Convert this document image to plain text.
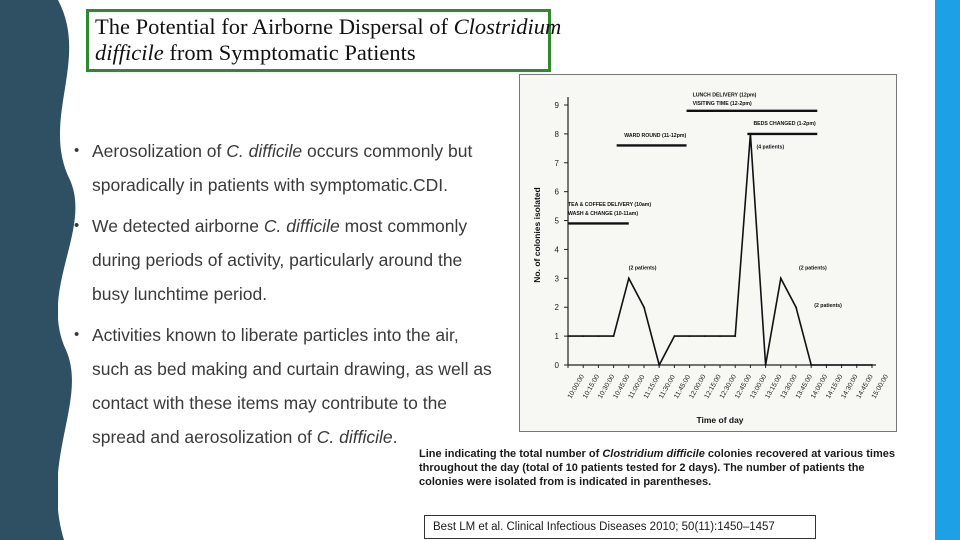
The Potential for Airborne Dispersal of Clostridium
difficile from Symptomatic Patients
• Aerosolization of C. difficile occurs commonly but sporadically in patients with symptomatic.CDI.
• We detected airborne C. difficile most commonly during periods of activity, particularly around the busy lunchtime period.
• Activities known to liberate particles into the air, such as bed making and curtain drawing, as well as contact with these items may contribute to the spread and aerosolization of C. difficile.
0
1
2
3
4
5
6
7
8
9
10:00:00
10:15:00
10:30:00
10:45:00
11:00:00
11:15:00
11:30:00
11:45:00
12:00:00
12:15:00
12:30:00
12:45:00
13:00:00
13:15:00
13:30:00
13:45:00
14:00:00
14:15:00
14:30:00
14:45:00
15:00:00
Time of day
No. of colonies isolated
LUNCH DELIVERY (12pm)
VISITING TIME (12-2pm)
BEDS CHANGED (1-2pm)
WARD ROUND (11-12pm)
(4 patients)
TEA & COFFEE DELIVERY (10am)
WASH & CHANGE (10-11am)
(2 patients)	(2 patients)
(2 patients)
Line indicating the total number of Clostridium difficile colonies recovered at various times throughout the day (total of 10 patients tested for 2 days). The number of patients the colonies were isolated from is indicated in parentheses.
Best LM et al. Clinical Infectious Diseases 2010; 50(11):1450–1457
